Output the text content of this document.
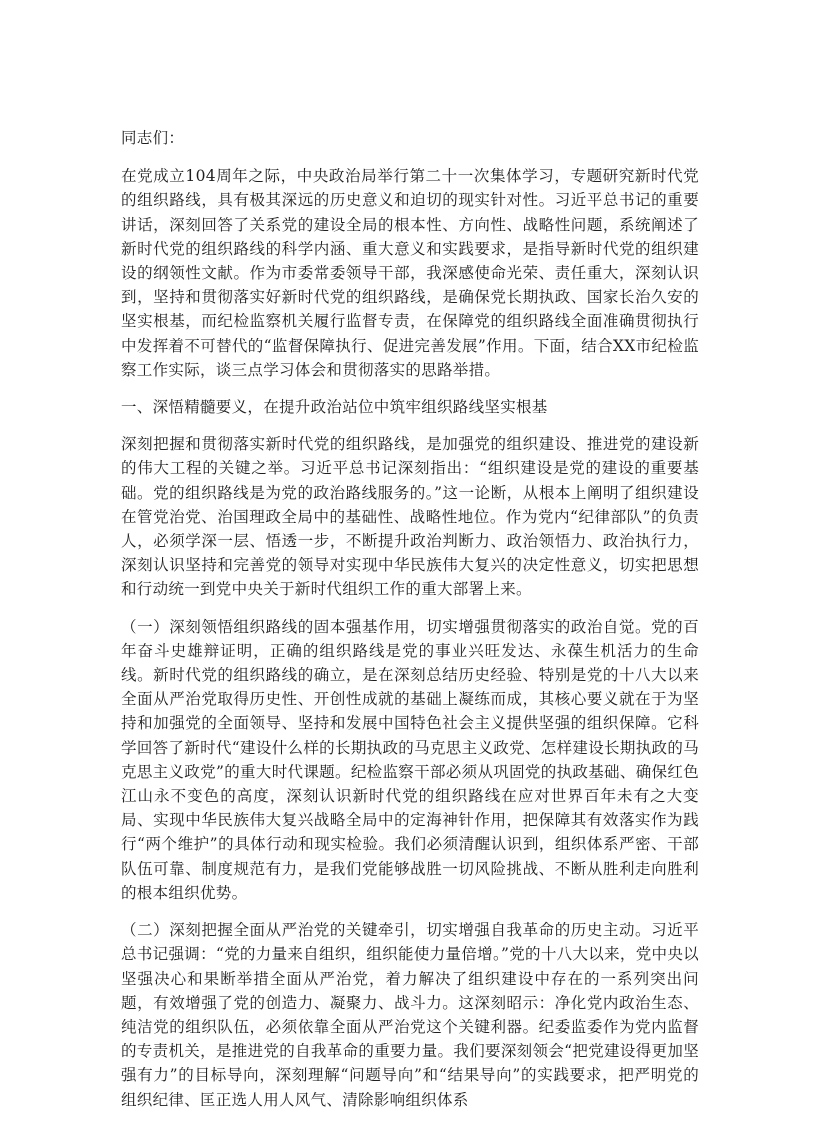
同志们：

在党成立104周年之际，中央政治局举行第二十一次集体学习，专题研究新时代党的组织路线，具有极其深远的历史意义和迫切的现实针对性。习近平总书记的重要讲话，深刻回答了关系党的建设全局的根本性、方向性、战略性问题，系统阐述了新时代党的组织路线的科学内涵、重大意义和实践要求，是指导新时代党的组织建设的纲领性文献。作为市委常委领导干部，我深感使命光荣、责任重大，深刻认识到，坚持和贯彻落实好新时代党的组织路线，是确保党长期执政、国家长治久安的坚实根基，而纪检监察机关履行监督专责，在保障党的组织路线全面准确贯彻执行中发挥着不可替代的“监督保障执行、促进完善发展”作用。下面，结合XX市纪检监察工作实际，谈三点学习体会和贯彻落实的思路举措。

一、深悟精髓要义，在提升政治站位中筑牢组织路线坚实根基

深刻把握和贯彻落实新时代党的组织路线，是加强党的组织建设、推进党的建设新的伟大工程的关键之举。习近平总书记深刻指出：“组织建设是党的建设的重要基础。党的组织路线是为党的政治路线服务的。”这一论断，从根本上阐明了组织建设在管党治党、治国理政全局中的基础性、战略性地位。作为党内“纪律部队”的负责人，必须学深一层、悟透一步，不断提升政治判断力、政治领悟力、政治执行力，深刻认识坚持和完善党的领导对实现中华民族伟大复兴的决定性意义，切实把思想和行动统一到党中央关于新时代组织工作的重大部署上来。

（一）深刻领悟组织路线的固本强基作用，切实增强贯彻落实的政治自觉。党的百年奋斗史雄辩证明，正确的组织路线是党的事业兴旺发达、永葆生机活力的生命线。新时代党的组织路线的确立，是在深刻总结历史经验、特别是党的十八大以来全面从严治党取得历史性、开创性成就的基础上凝练而成，其核心要义就在于为坚持和加强党的全面领导、坚持和发展中国特色社会主义提供坚强的组织保障。它科学回答了新时代“建设什么样的长期执政的马克思主义政党、怎样建设长期执政的马克思主义政党”的重大时代课题。纪检监察干部必须从巩固党的执政基础、确保红色江山永不变色的高度，深刻认识新时代党的组织路线在应对世界百年未有之大变局、实现中华民族伟大复兴战略全局中的定海神针作用，把保障其有效落实作为践行“两个维护”的具体行动和现实检验。我们必须清醒认识到，组织体系严密、干部队伍可靠、制度规范有力，是我们党能够战胜一切风险挑战、不断从胜利走向胜利的根本组织优势。

（二）深刻把握全面从严治党的关键牵引，切实增强自我革命的历史主动。习近平总书记强调：“党的力量来自组织，组织能使力量倍增。”党的十八大以来，党中央以坚强决心和果断举措全面从严治党，着力解决了组织建设中存在的一系列突出问题，有效增强了党的创造力、凝聚力、战斗力。这深刻昭示：净化党内政治生态、纯洁党的组织队伍，必须依靠全面从严治党这个关键利器。纪委监委作为党内监督的专责机关，是推进党的自我革命的重要力量。我们要深刻领会“把党建设得更加坚强有力”的目标导向，深刻理解“问题导向”和“结果导向”的实践要求，把严明党的组织纪律、匡正选人用人风气、清除影响组织体系
